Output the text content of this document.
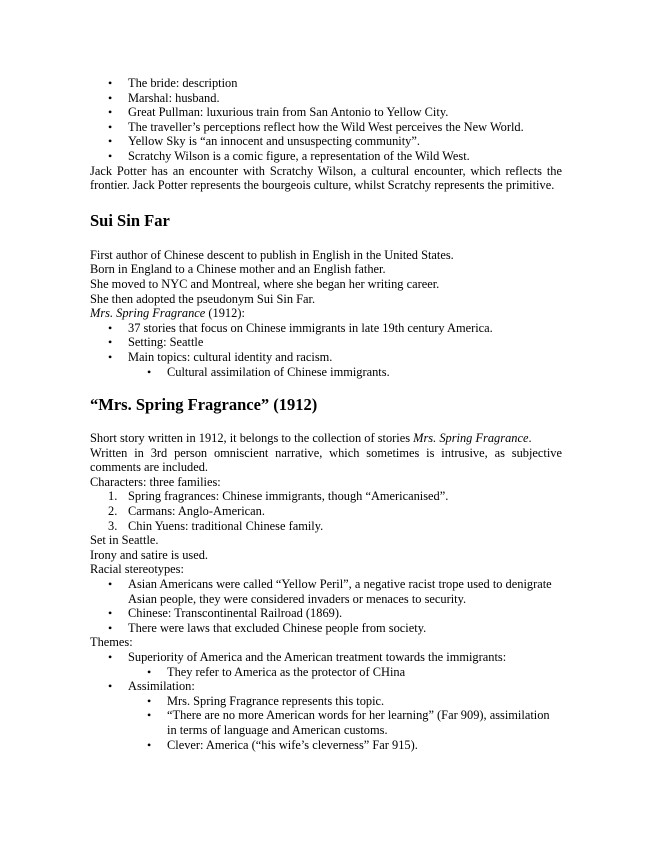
• The bride: description
• Marshal: husband.
• Great Pullman: luxurious train from San Antonio to Yellow City.
• The traveller’s perceptions reflect how the Wild West perceives the New World.
• Yellow Sky is “an innocent and unsuspecting community”.
• Scratchy Wilson is a comic figure, a representation of the Wild West.

Jack Potter has an encounter with Scratchy Wilson, a cultural encounter, which reflects the frontier. Jack Potter represents the bourgeois culture, whilst Scratchy represents the primitive.

Sui Sin Far

First author of Chinese descent to publish in English in the United States.

Born in England to a Chinese mother and an English father.

She moved to NYC and Montreal, where she began her writing career.

She then adopted the pseudonym Sui Sin Far.

Mrs. Spring Fragrance (1912):

• 37 stories that focus on Chinese immigrants in late 19th century America.
• Setting: Seattle
• Main topics: cultural identity and racism.
• Cultural assimilation of Chinese immigrants.
“Mrs. Spring Fragrance” (1912)

Short story written in 1912, it belongs to the collection of stories Mrs. Spring Fragrance.

Written in 3rd person omniscient narrative, which sometimes is intrusive, as subjective comments are included.

Characters: three families:

1. Spring fragrances: Chinese immigrants, though “Americanised”.
2. Carmans: Anglo-American.
3. Chin Yuens: traditional Chinese family.

Set in Seattle.

Irony and satire is used.

Racial stereotypes:

• Asian Americans were called “Yellow Peril”, a negative racist trope used to denigrate Asian people, they were considered invaders or menaces to security.
• Chinese: Transcontinental Railroad (1869).
• There were laws that excluded Chinese people from society.

Themes:

• Superiority of America and the American treatment towards the immigrants:
• They refer to America as the protector of CHina
• Assimilation:
• Mrs. Spring Fragrance represents this topic.
• “There are no more American words for her learning” (Far 909), assimilation in terms of language and American customs.
• Clever: America (“his wife’s cleverness” Far 915).
